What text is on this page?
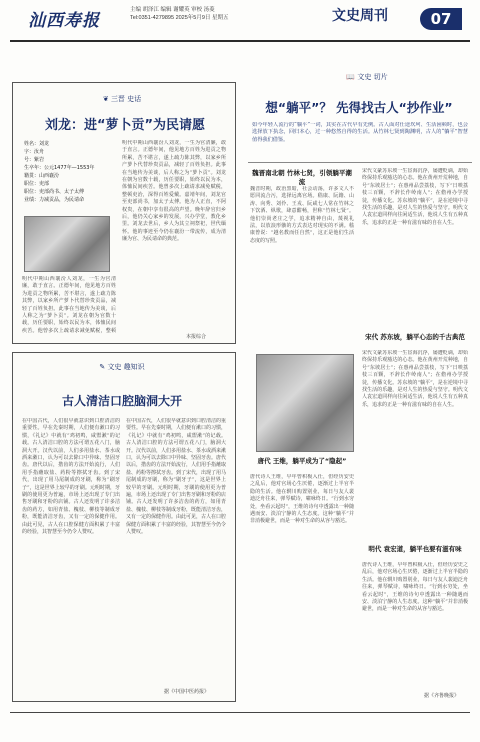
汕西寿报
主编 胡泽江 编辑 谢耀英 审校 汤菱
Tel:0351-4279895 2025年5月9日 星期五	文史周刊	07
❦ 三晋 史话
刘龙：进“萝卜贡”为民请愿
姓名：刘龙
字：汝舟
号：紫岩
生卒年：公元1477年—1553年
籍贯：山西襄汾
职位：吏部
职位：吏部尚书、太子太傅
业绩：力减贡品，为民请命
明代中期山西襄汾人刘龙，一生为官清廉，敢于直言。正德年间，他见地方百姓为进贡之物所累，苦不堪言，遂上疏力陈其弊，以家乡所产萝卜代替珍贵贡品，减轻了百姓负担。此事在当地传为美谈，后人称之为“萝卜贡”。刘龙在朝为官数十载，历任要职，始终以民为本，体恤民间疾苦。他曾多次上疏请求减免赋税，整顿吏治，深得百姓爱戴。嘉靖年间，刘龙官至吏部尚书，加太子太傅。他为人正直，不阿权贵，在朝中享有很高的声望。晚年辞官归乡后，他仍关心家乡的发展，兴办学堂，教化乡里。刘龙去世后，乡人为其立祠祭祀，世代缅怀。他的事迹至今仍在襄汾一带流传，成为清廉为官、为民请命的典范。
明代中期山西襄汾人刘龙，一生为官清廉，敢于直言。正德年间，他见地方百姓为进贡之物所累，苦不堪言，遂上疏力陈其弊，以家乡所产萝卜代替珍贵贡品，减轻了百姓负担。此事在当地传为美谈，后人称之为“萝卜贡”。刘龙在朝为官数十载，历任要职，始终以民为本，体恤民间疾苦。他曾多次上疏请求减免赋税，整顿
本报综合
✎ 文史 趣知识
古人清洁口腔脑洞大开
在中国古代，人们很早就意识到口腔清洁的重要性。早在先秦时期，人们便有漱口的习惯，《礼记》中就有“鸡初鸣，咸盥漱”的记载。古人清洁口腔的方法可谓五花八门，脑洞大开。汉代以前，人们多用盐水、茶水或酒来漱口，认为可以去除口中异味、坚固牙齿。唐代以后，揩齿的方法开始流行，人们用手指蘸取盐、药粉等擦拭牙齿。到了宋代，出现了用马尾制成的牙刷，称为“刷牙子”，这是世界上较早的牙刷。元明时期，牙刷的使用更为普遍，市场上还出现了专门出售牙刷和牙粉的店铺。古人还发明了许多洁齿的药方，如用青盐、槐枝、柳枝等制成牙粉，既能清洁牙齿，又有一定的保健作用。由此可见，古人在口腔保健方面积累了丰富的经验，其智慧至今仍令人赞叹。
在中国古代，人们很早就意识到口腔清洁的重要性。早在先秦时期，人们便有漱口的习惯，《礼记》中就有“鸡初鸣，咸盥漱”的记载。古人清洁口腔的方法可谓五花八门，脑洞大开。汉代以前，人们多用盐水、茶水或酒来漱口，认为可以去除口中异味、坚固牙齿。唐代以后，揩齿的方法开始流行，人们用手指蘸取盐、药粉等擦拭牙齿。到了宋代，出现了用马尾制成的牙刷，称为“刷牙子”，这是世界上较早的牙刷。元明时期，牙刷的使用更为普遍，市场上还出现了专门出售牙刷和牙粉的店铺。古人还发明了许多洁齿的药方，如用青盐、槐枝、柳枝等制成牙粉，既能清洁牙齿，又有一定的保健作用。由此可见，古人在口腔保健方面积累了丰富的经验，其智慧至今仍令人赞叹。
据《中国中医药报》
📖 文史 切片
想“躺平”？ 先得找古人“抄作业”
如今年轻人流行的“躺平”一词，其实在古代早有先例。古人面对仕途坎坷、生活困顿时，也会选择放下执念，回归本心，过一种悠然自得的生活。从竹林七贤到陶渊明，古人的“躺平”智慧值得我们借鉴。
魏晋南北朝 竹林七贤，引领躺平潮流
魏晋时期，政治黑暗，社会动荡，许多文人不愿同流合污，选择远离官场。嵇康、阮籍、山涛、向秀、刘伶、王戎、阮咸七人常在竹林之下饮酒、纵歌，肆意酣畅，世称“竹林七贤”。他们崇尚老庄之学，追求精神自由，蔑视礼法，以放浪形骸的方式表达对现实的不满。嵇康曾说：“越名教而任自然”，这正是他们生活态度的写照。
唐代 王维，躺平成为了“隐起”
唐代诗人王维，早年曾积极入仕，但经历安史之乱后，他对官场心生厌倦，逐渐过上半官半隐的生活。他在辋川购置别业，每日与友人裴迪泛舟往来，弹琴赋诗，啸咏终日。“行到水穷处，坐看云起时”，王维的诗句中透露出一种随遇而安、淡泊宁静的人生态度。这种“躺平”并非消极避世，而是一种对生命的从容与豁达。
宋代文豪苏东坡一生宦海沉浮，屡遭贬谪，却始终保持乐观豁达的心态。他在黄州开荒种地，自号“东坡居士”；在惠州品尝荔枝，写下“日啖荔枝三百颗，不辞长作岭南人”；在儋州办学授徒，传播文化。苏东坡的“躺平”，是在逆境中寻找生活的乐趣，是对人生的热爱与坚守。明代文人袁宏道同样向往闲适生活，他说人生有五种真乐，追求的正是一种有滋有味的自在人生。
宋代 苏东坡，躺平心态的千古典范
宋代文豪苏东坡一生宦海沉浮，屡遭贬谪，却始终保持乐观豁达的心态。他在黄州开荒种地，自号“东坡居士”；在惠州品尝荔枝，写下“日啖荔枝三百颗，不辞长作岭南人”；在儋州办学授徒，传播文化。苏东坡的“躺平”，是在逆境中寻找生活的乐趣，是对人生的热爱与坚守。明代文人袁宏道同样向往闲适生活，他说人生有五种真乐，追求的正是一种有滋有味的自在人生。
明代 袁宏道，躺平也要有滋有味
唐代诗人王维，早年曾积极入仕，但经历安史之乱后，他对官场心生厌倦，逐渐过上半官半隐的生活。他在辋川购置别业，每日与友人裴迪泛舟往来，弹琴赋诗，啸咏终日。“行到水穷处，坐看云起时”，王维的诗句中透露出一种随遇而安、淡泊宁静的人生态度。这种“躺平”并非消极避世，而是一种对生命的从容与豁达。
据《齐鲁晚报》
